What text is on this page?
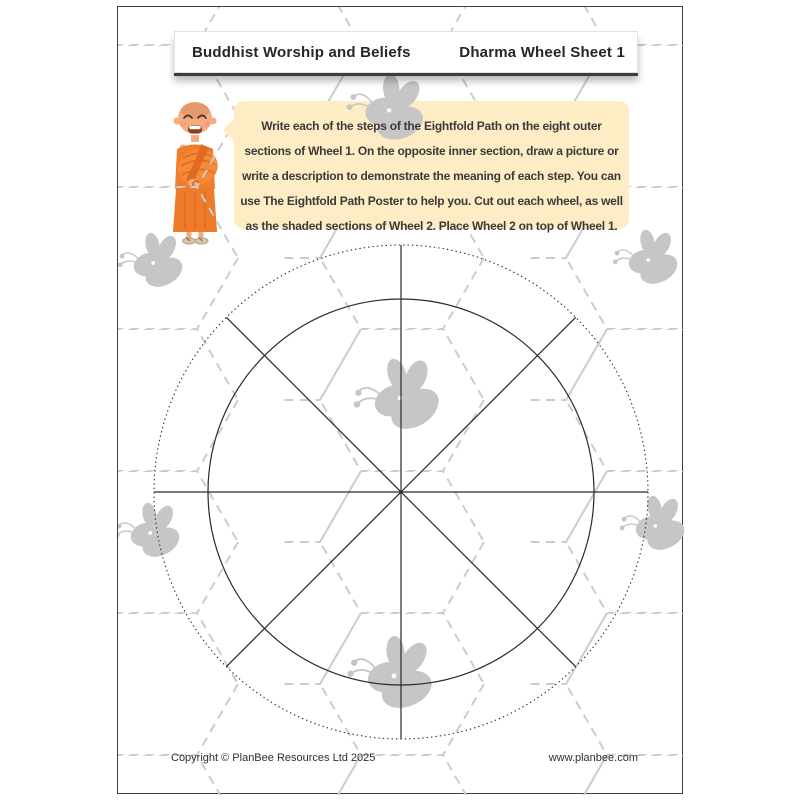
Buddhist Worship and Beliefs	Dharma Wheel Sheet 1
Write each of the steps of the Eightfold Path on the eight outer
sections of Wheel 1. On the opposite inner section, draw a picture or
write a description to demonstrate the meaning of each step. You can
use The Eightfold Path Poster to help you. Cut out each wheel, as well
as the shaded sections of Wheel 2. Place Wheel 2 on top of Wheel 1.
Copyright © PlanBee Resources Ltd 2025	www.planbee.com
